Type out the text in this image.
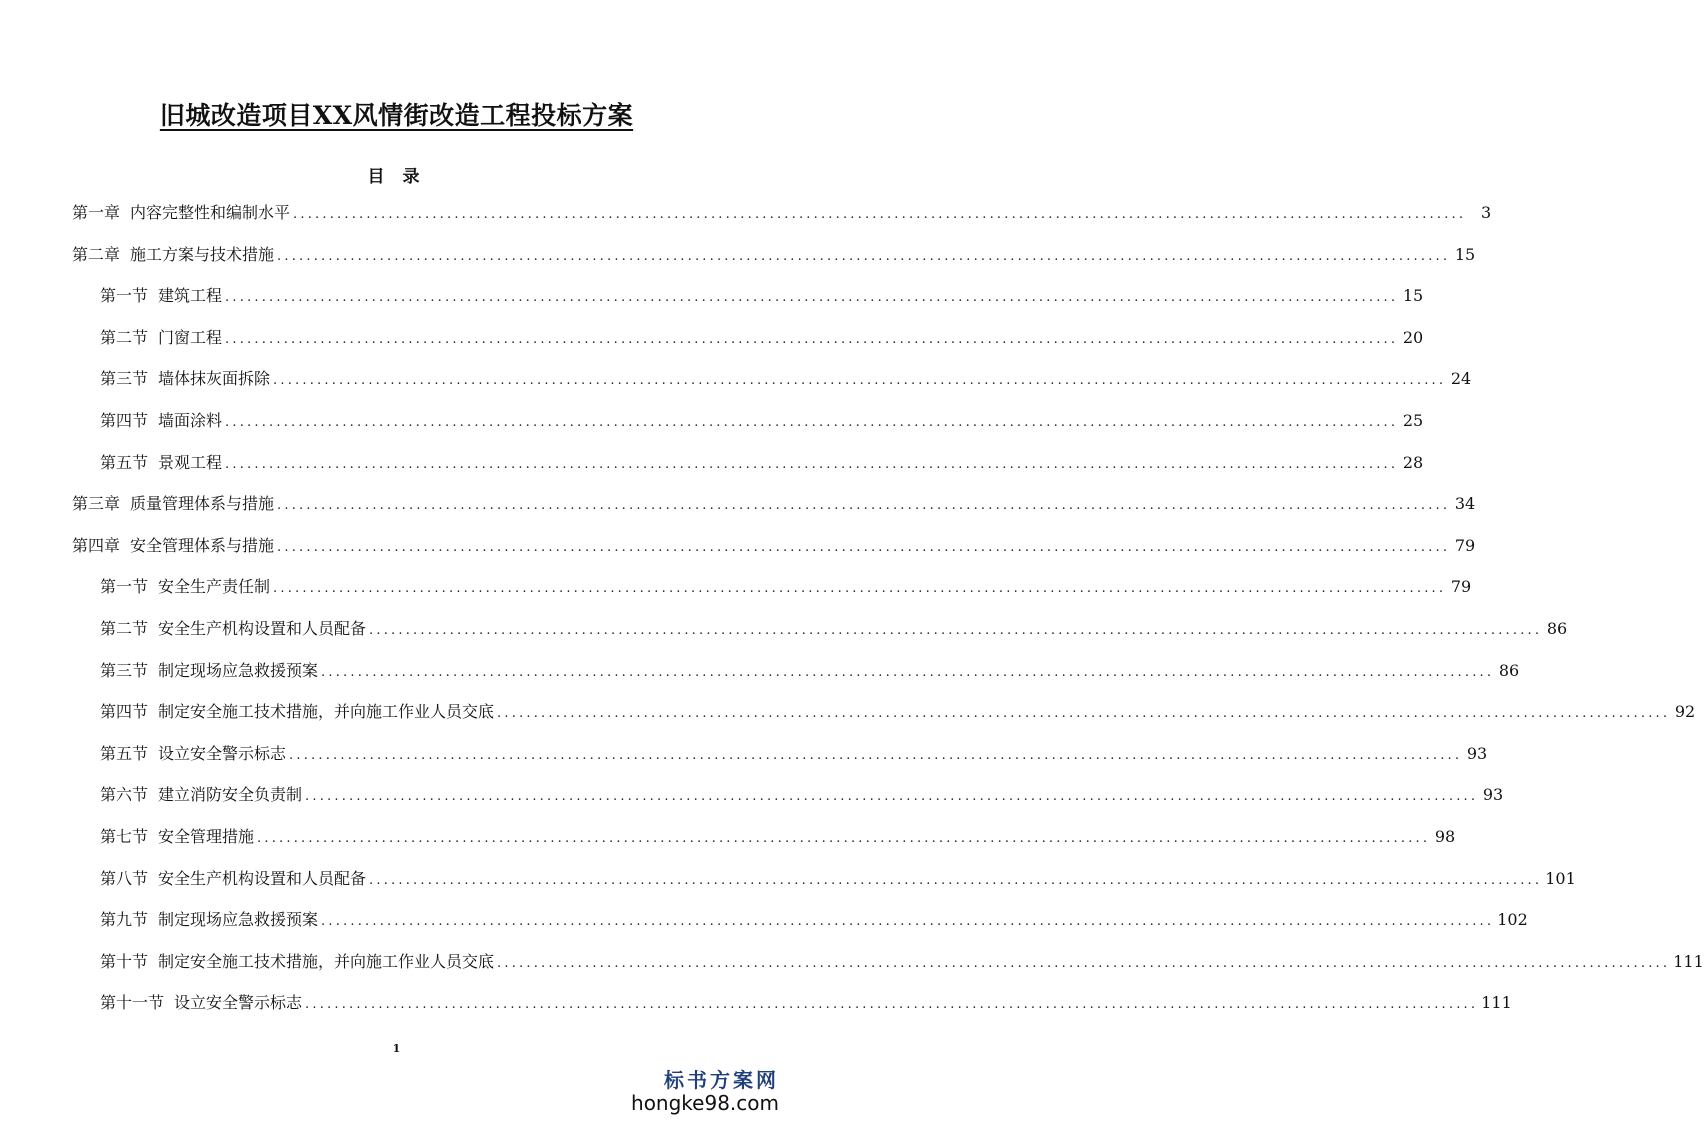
旧城改造项目XX风情街改造工程投标方案
目 录
第一章 内容完整性和编制水平 ................................................................................................................................................................ 3
第二章 施工方案与技术措施 ................................................................................................................................................................ 15
第一节 建筑工程 ................................................................................................................................................................ 15
第二节 门窗工程 ................................................................................................................................................................ 20
第三节 墙体抹灰面拆除 ................................................................................................................................................................ 24
第四节 墙面涂料 ................................................................................................................................................................ 25
第五节 景观工程 ................................................................................................................................................................ 28
第三章 质量管理体系与措施 ................................................................................................................................................................ 34
第四章 安全管理体系与措施 ................................................................................................................................................................ 79
第一节 安全生产责任制 ................................................................................................................................................................ 79
第二节 安全生产机构设置和人员配备 ................................................................................................................................................................ 86
第三节 制定现场应急救援预案 ................................................................................................................................................................ 86
第四节 制定安全施工技术措施，并向施工作业人员交底 ................................................................................................................................................................ 92
第五节 设立安全警示标志 ................................................................................................................................................................ 93
第六节 建立消防安全负责制 ................................................................................................................................................................ 93
第七节 安全管理措施 ................................................................................................................................................................ 98
第八节 安全生产机构设置和人员配备 ................................................................................................................................................................ 101
第九节 制定现场应急救援预案 ................................................................................................................................................................ 102
第十节 制定安全施工技术措施，并向施工作业人员交底 ................................................................................................................................................................ 111
第十一节 设立安全警示标志 ................................................................................................................................................................ 111
1
标书方案网
hongke98.com
